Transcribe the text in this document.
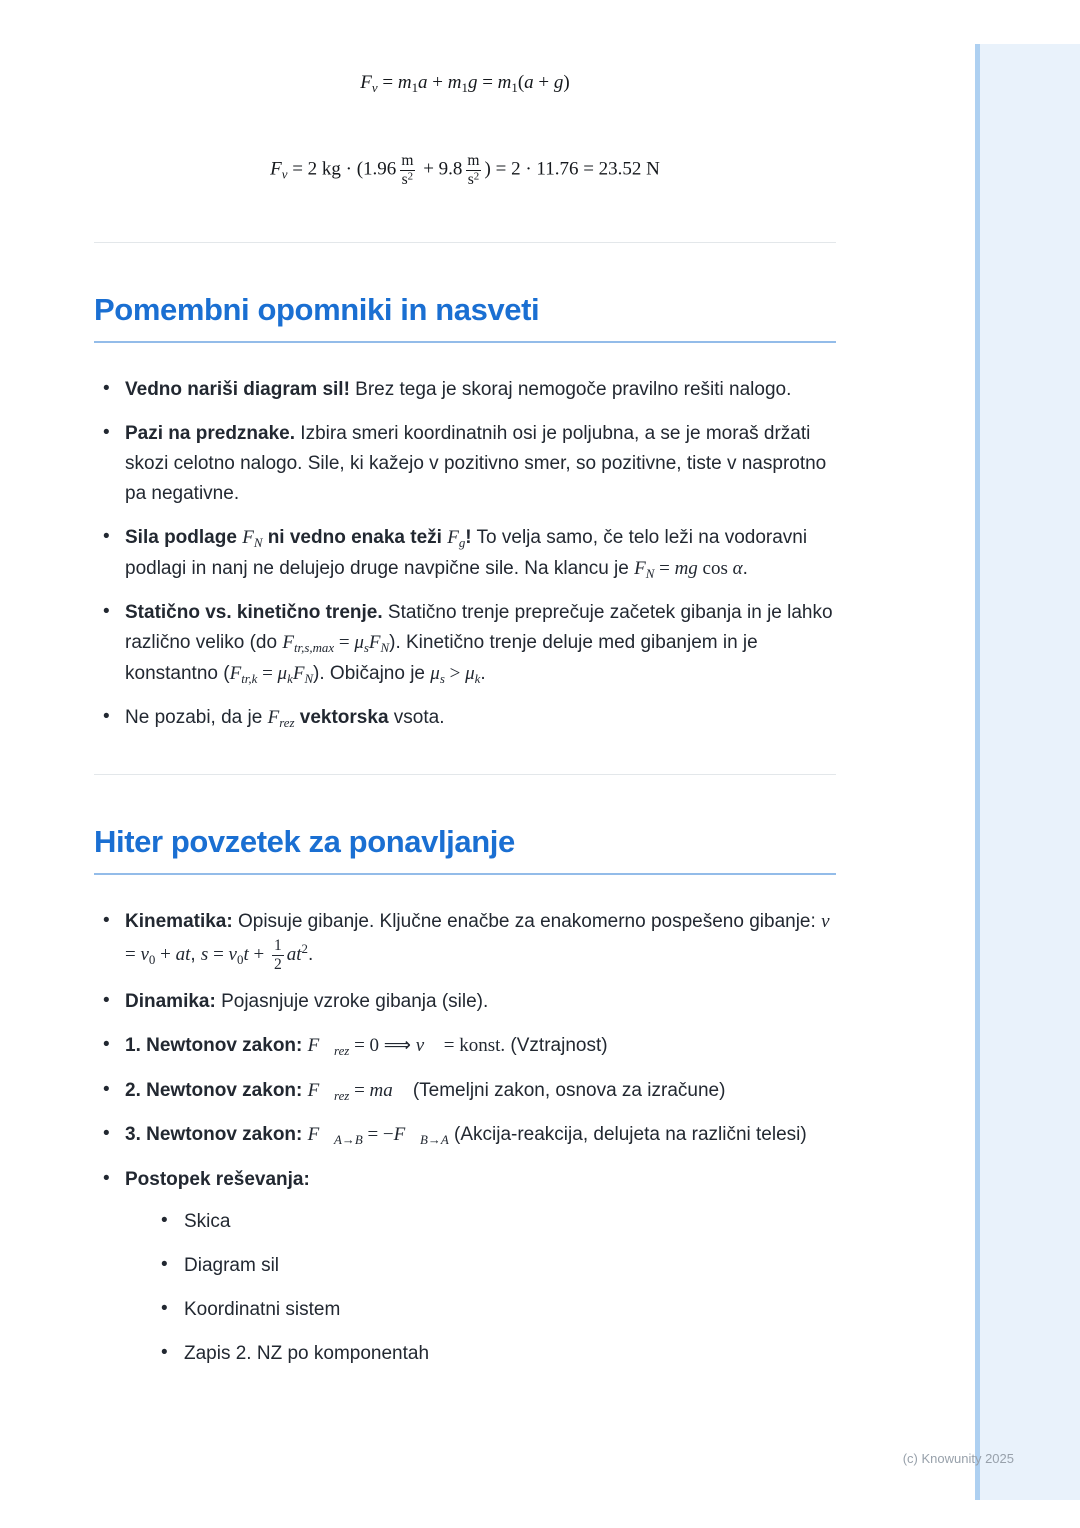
$F_v = m_1a + m_1g = m_1(a + g)$
$F_v = 2$ kg · ($1.96 \frac{m}{s^2} + 9.8 \frac{m}{s^2}$ ) = 2 · 11.76 = 23.52 N
Pomembni opomniki in nasveti
• Vedno nariši diagram sil! Brez tega je skoraj nemogoče pravilno rešiti nalogo.
• Pazi na predznake. Izbira smeri koordinatnih osi je poljubna, a se je moraš držati skozi celotno nalogo. Sile, ki kažejo v pozitivno smer, so pozitivne, tiste v nasprotno pa negativne.
• Sila podlage $F_N$ ni vedno enaka teži $F_g$! To velja samo, če telo leži na vodoravni podlagi in nanj ne delujejo druge navpične sile. Na klancu je $F_N$ = mg cos α.
• Statično vs. kinetično trenje. Statično trenje preprečuje začetek gibanja in je lahko različno veliko (do $F_{tr,s,max} = \mu_sF_N$). Kinetično trenje deluje med gibanjem in je konstantno $(F_{tr,k} = \mu_kF_N)$. Običajno je $\mu_s > \mu_k$.
• Ne pozabi, da je $F_{rez}$ vektorska vsota.
Hiter povzetek za ponavljanje
• Kinematika: Opisuje gibanje. Ključne enačbe za enakomerno pospešeno gibanje: $v = v_0$ + at, $s = v_0t + \frac{1}{2} at^2$.
• Dinamika: Pojasnjuje vzroke gibanja (sile).
• 1. Newtonov zakon: $F⃗_{rez} = 0$ ⟹ v⃗ = konst. (Vztrajnost)
• 2. Newtonov zakon: $F⃗_{rez}$ = ma⃗ (Temeljni zakon, osnova za izračune)
• 3. Newtonov zakon: $F⃗_{A\to B}$ = $-F⃗_{B\to A}$ (Akcija-reakcija, delujeta na različni telesi)
• Postopek reševanja:
• Skica
• Diagram sil
• Koordinatni sistem
• Zapis 2. NZ po komponentah
(c) Knowunity 2025
